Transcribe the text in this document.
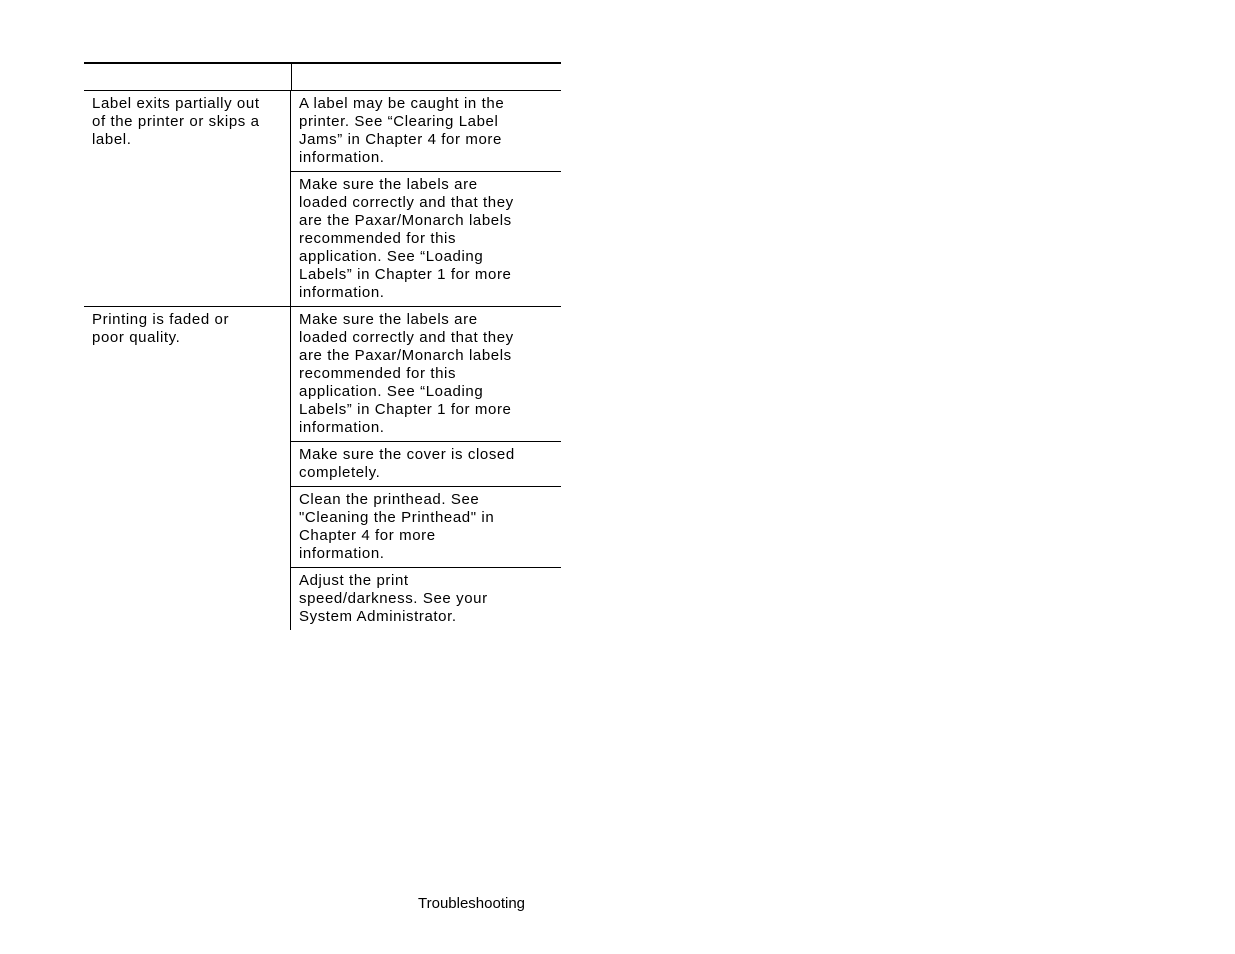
Label exits partially out
of the printer or skips a
label.
A label may be caught in the
printer. See “Clearing Label
Jams” in Chapter 4 for more
information.
Make sure the labels are
loaded correctly and that they
are the Paxar/Monarch labels
recommended for this
application. See “Loading
Labels” in Chapter 1 for more
information.
Printing is faded or
poor quality.
Make sure the labels are
loaded correctly and that they
are the Paxar/Monarch labels
recommended for this
application. See “Loading
Labels” in Chapter 1 for more
information.
Make sure the cover is closed
completely.
Clean the printhead. See
"Cleaning the Printhead" in
Chapter 4 for more
information.
Adjust the print
speed/darkness. See your
System Administrator.
Troubleshooting
